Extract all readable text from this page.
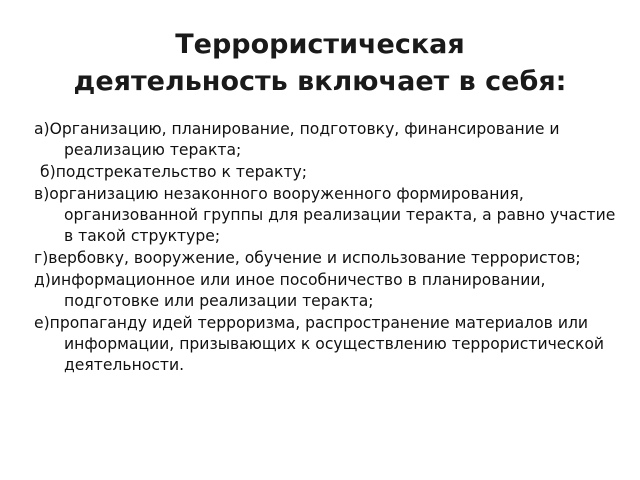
Террористическая
деятельность включает в себя:
а)Организацию, планирование, подготовку, финансирование и реализацию теракта;
б)подстрекательство к теракту;
в)организацию незаконного вооруженного формирования, организованной группы для реализации теракта, а равно участие в такой структуре;
г)вербовку, вооружение, обучение и использование террористов;
д)информационное или иное пособничество в планировании, подготовке или реализации теракта;
е)пропаганду идей терроризма, распространение материалов или информации, призывающих к осуществлению террористической деятельности.
